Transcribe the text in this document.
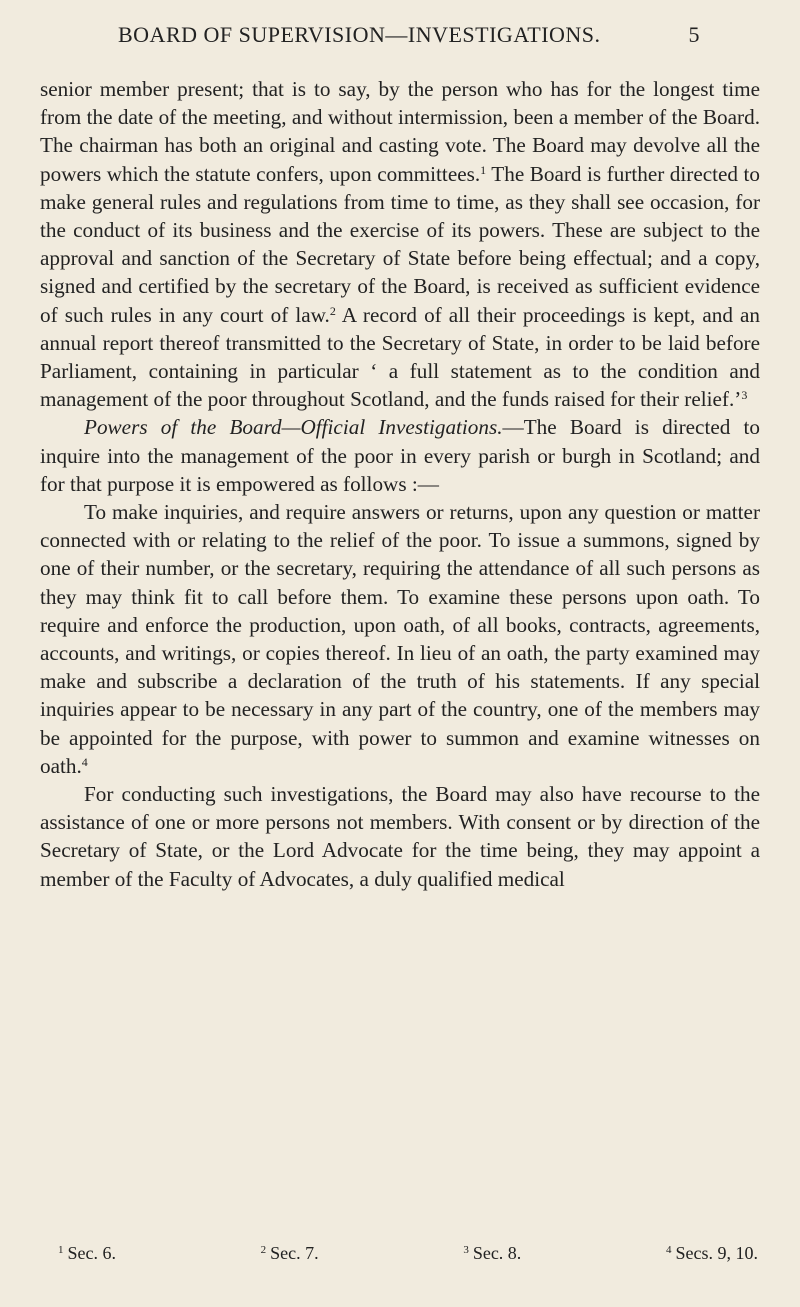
BOARD OF SUPERVISION—INVESTIGATIONS.	5

senior member present; that is to say, by the person who has for the longest time from the date of the meeting, and without intermission, been a member of the Board. The chairman has both an original and casting vote. The Board may devolve all the powers which the statute confers, upon committees.$^1$ The Board is further directed to make general rules and regulations from time to time, as they shall see occasion, for the conduct of its business and the exercise of its powers. These are subject to the approval and sanction of the Secretary of State before being effectual; and a copy, signed and certified by the secretary of the Board, is received as sufficient evidence of such rules in any court of law.$^2$ A record of all their proceedings is kept, and an annual report thereof transmitted to the Secretary of State, in order to be laid before Parliament, containing in particular ‘ a full statement as to the condition and management of the poor throughout Scotland, and the funds raised for their relief.’$^3$

Powers of the Board—Official Investigations.—The Board is directed to inquire into the management of the poor in every parish or burgh in Scotland; and for that purpose it is empowered as follows :—

To make inquiries, and require answers or returns, upon any question or matter connected with or relating to the relief of the poor. To issue a summons, signed by one of their number, or the secretary, requiring the attendance of all such persons as they may think fit to call before them. To examine these persons upon oath. To require and enforce the production, upon oath, of all books, contracts, agreements, accounts, and writings, or copies thereof. In lieu of an oath, the party examined may make and subscribe a declaration of the truth of his statements. If any special inquiries appear to be necessary in any part of the country, one of the members may be appointed for the purpose, with power to summon and examine witnesses on oath.$^4$

For conducting such investigations, the Board may also have recourse to the assistance of one or more persons not members. With consent or by direction of the Secretary of State, or the Lord Advocate for the time being, they may appoint a member of the Faculty of Advocates, a duly qualified medical

$^1$ Sec. 6.	$^2$ Sec. 7.	$^3$ Sec. 8.	$^4$ Secs. 9, 10.
